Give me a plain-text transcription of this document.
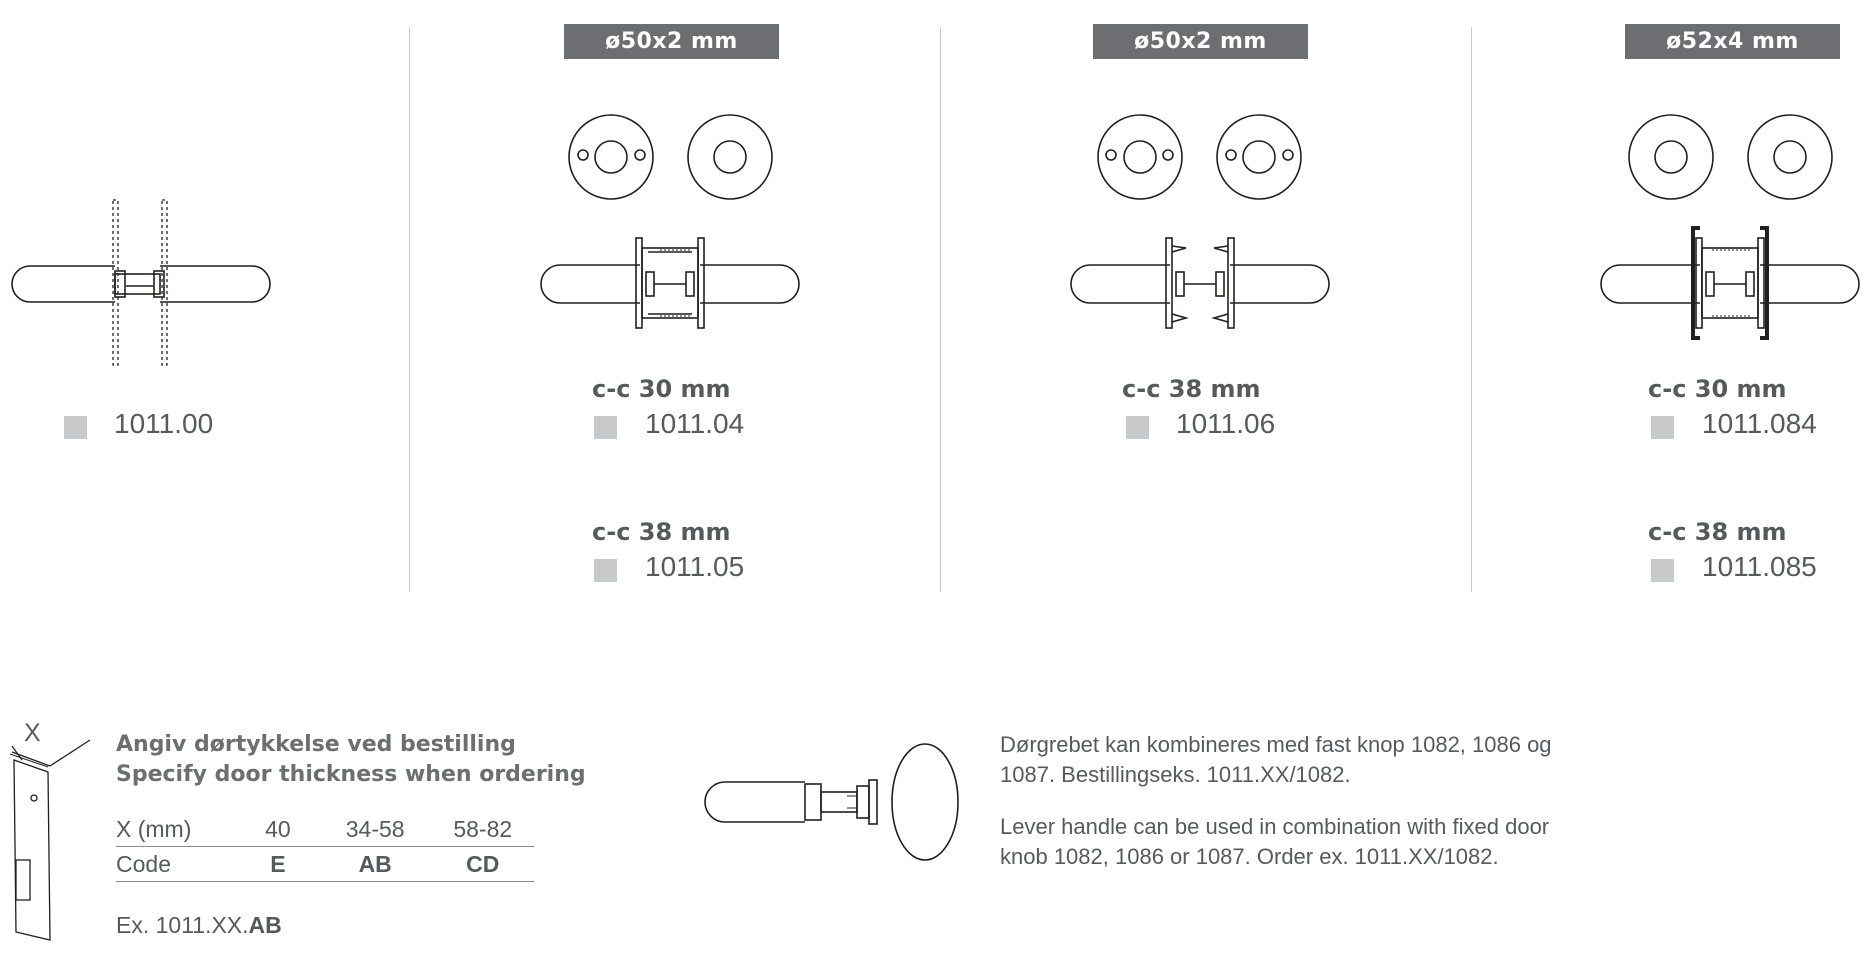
1011.00
ø50x2 mm
c-c 30 mm
1011.04
c-c 38 mm
1011.05
ø50x2 mm
c-c 38 mm
1011.06
ø52x4 mm
c-c 30 mm
1011.084
c-c 38 mm
1011.085
X	Angiv dørtykkelse ved bestilling
Specify door thickness when ordering
X (mm)	40	34-58	58-82
Code	E	AB	CD
Ex. 1011.XX.AB
Dørgrebet kan kombineres med fast knop 1082, 1086 og 1087. Bestillingseks. 1011.XX/1082.
Lever handle can be used in combination with fixed door knob 1082, 1086 or 1087. Order ex. 1011.XX/1082.
